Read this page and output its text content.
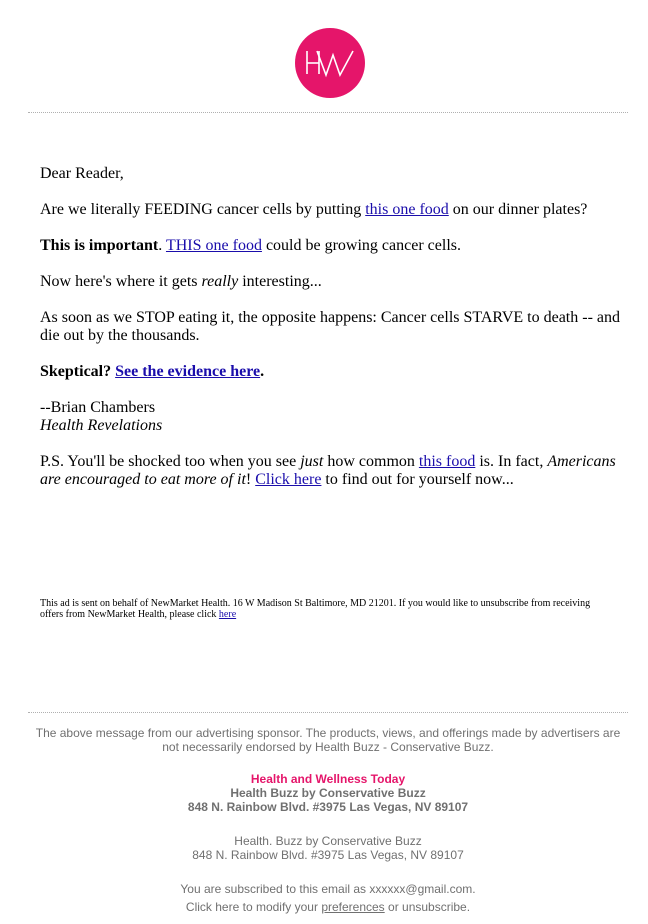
Dear Reader,

Are we literally FEEDING cancer cells by putting this one food on our dinner plates?

This is important. THIS one food could be growing cancer cells.

Now here's where it gets really interesting...

As soon as we STOP eating it, the opposite happens: Cancer cells STARVE to death -- and die out by the thousands.

Skeptical? See the evidence here.

--Brian Chambers
Health Revelations

P.S. You'll be shocked too when you see just how common this food is. In fact, Americans are encouraged to eat more of it! Click here to find out for yourself now...

This ad is sent on behalf of NewMarket Health. 16 W Madison St Baltimore, MD 21201. If you would like to unsubscribe from receiving offers from NewMarket Health, please click here

The above message from our advertising sponsor. The products, views, and offerings made by advertisers are not necessarily endorsed by Health Buzz - Conservative Buzz.

Health and Wellness Today

Health Buzz by Conservative Buzz

848 N. Rainbow Blvd. #3975 Las Vegas, NV 89107

Health. Buzz by Conservative Buzz

848 N. Rainbow Blvd. #3975 Las Vegas, NV 89107

You are subscribed to this email as xxxxxx@gmail.com.

Click here to modify your preferences or unsubscribe.
